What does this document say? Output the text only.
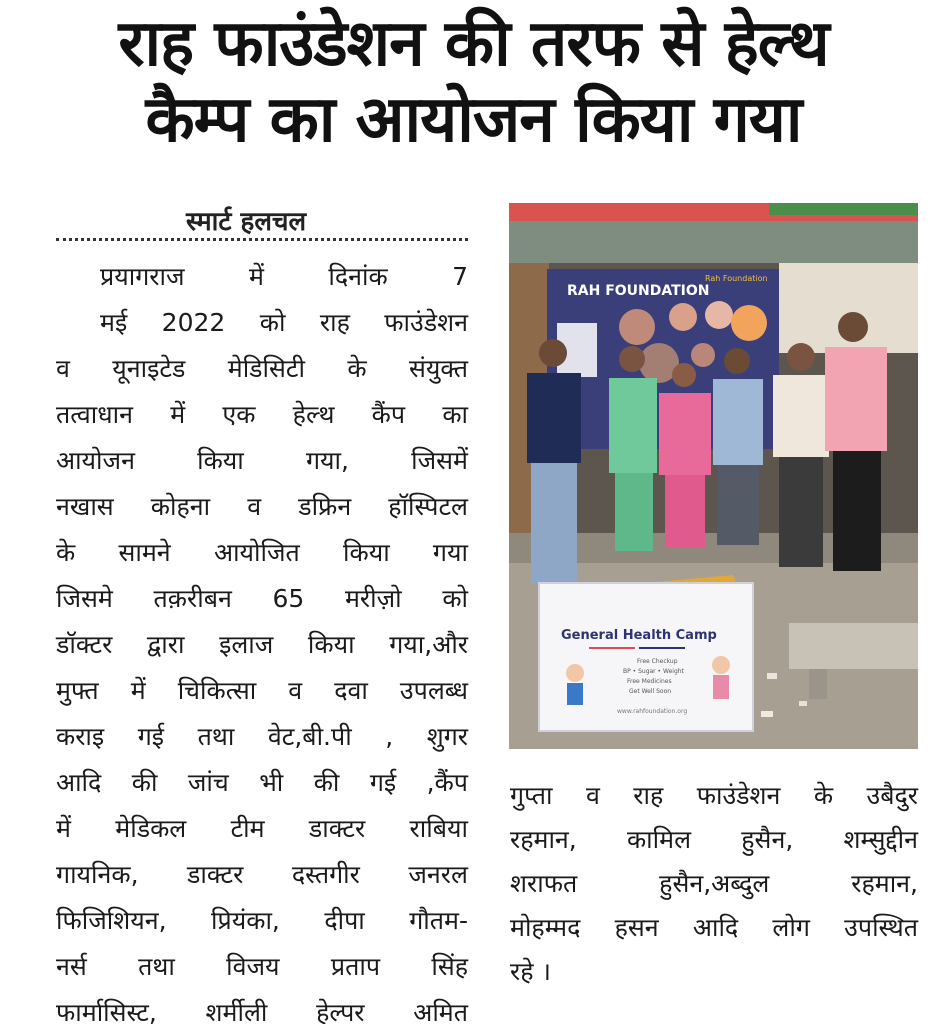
राह फाउंडेशन की तरफ से हेल्थ
कैम्प का आयोजन किया गया
स्मार्ट हलचल
प्रयागराज में दिनांक 7
मई 2022 को राह फाउंडेशन
व यूनाइटेड मेडिसिटी के संयुक्त
तत्वाधान में एक हेल्थ कैंप का
आयोजन किया गया, जिसमें
नखास कोहना व डफ्रिन हॉस्पिटल
के सामने आयोजित किया गया
जिसमे तक़रीबन 65 मरीज़ो को
डॉक्टर द्वारा इलाज किया गया,और
मुफ्त में चिकित्सा व दवा उपलब्ध
कराइ गई तथा वेट,बी.पी , शुगर
आदि की जांच भी की गई ,कैंप
में मेडिकल टीम डाक्टर राबिया
गायनिक, डाक्टर दस्तगीर जनरल
फिजिशियन, प्रियंका, दीपा गौतम-
नर्स तथा विजय प्रताप सिंह
फार्मासिस्ट, शर्मीली हेल्पर अमित
RAH FOUNDATION
Rah Foundation
General Health Camp
Free Checkup
BP • Sugar • Weight
Free Medicines
Get Well Soon
www.rahfoundation.org
गुप्ता व राह फाउंडेशन के उबैदुर
रहमान, कामिल हुसैन, शम्सुद्दीन
शराफत हुसैन,अब्दुल रहमान,
मोहम्मद हसन आदि लोग उपस्थित
रहे ।
